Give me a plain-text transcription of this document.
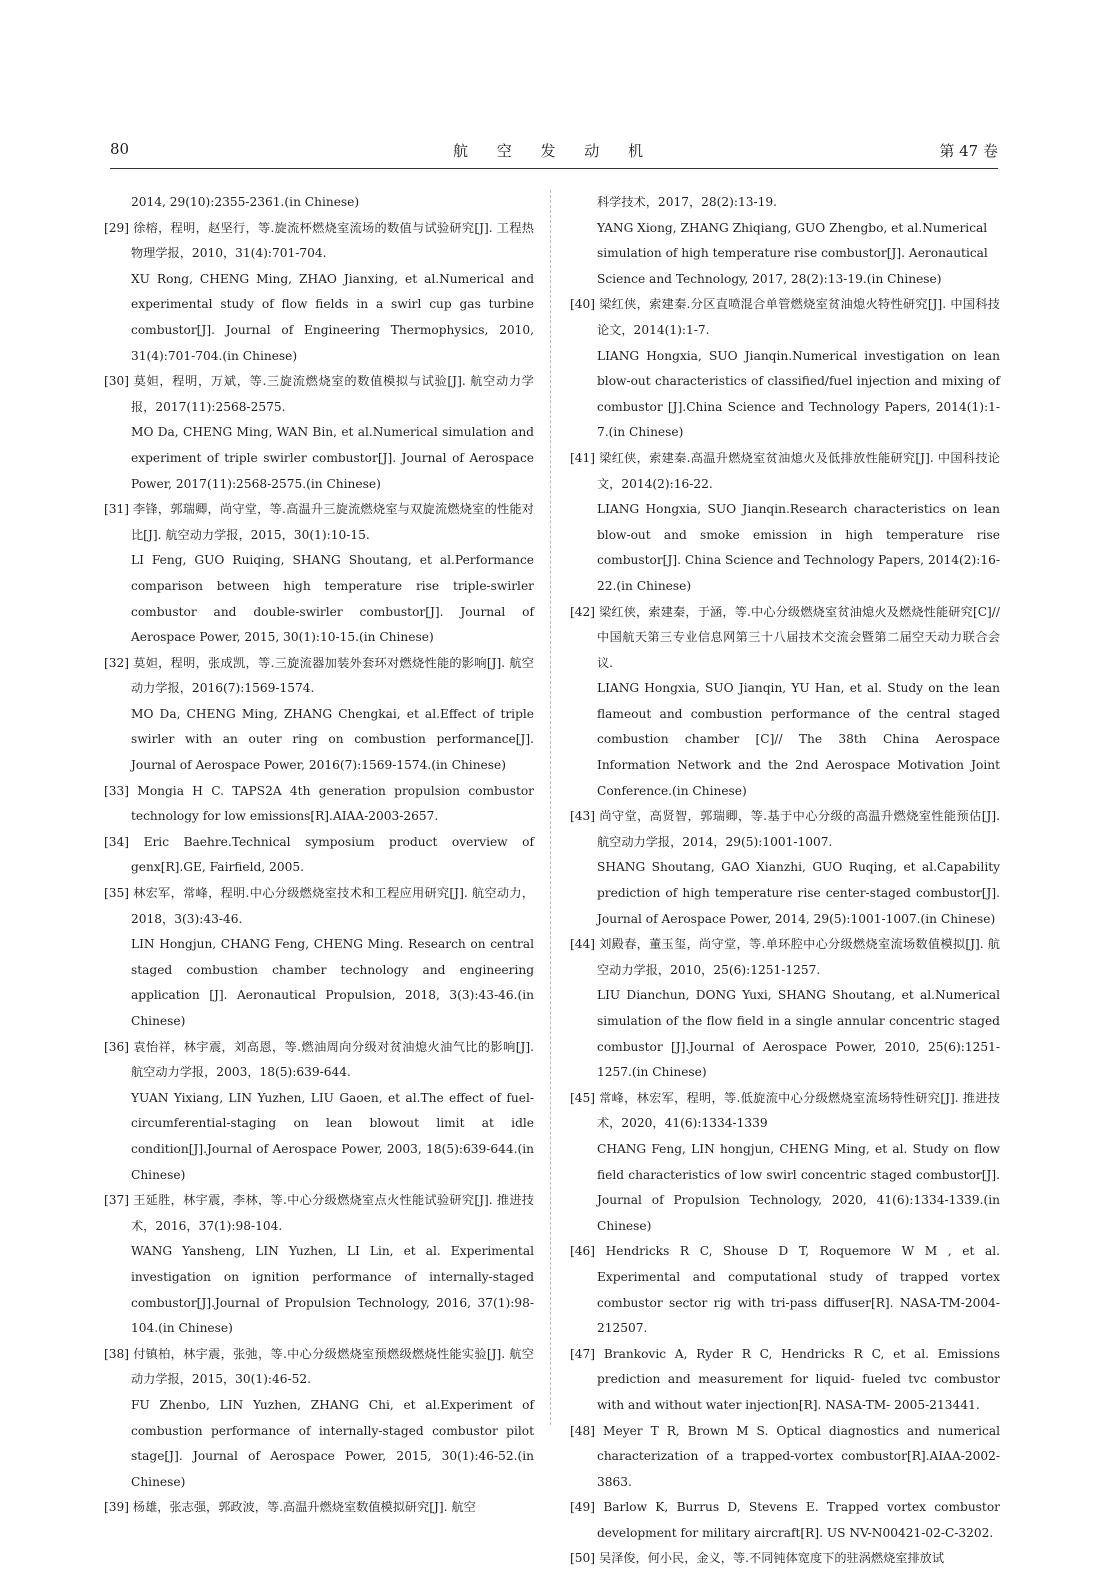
80	航 空 发 动 机	第 47 卷
2014, 29(10):2355-2361.(in Chinese)
[29] 徐榕，程明，赵坚行，等.旋流杯燃烧室流场的数值与试验研究[J]. 工程热物理学报，2010，31(4):701-704.
XU Rong, CHENG Ming, ZHAO Jianxing, et al.Numerical and experimental study of flow fields in a swirl cup gas turbine combustor[J]. Journal of Engineering Thermophysics, 2010, 31(4):701-704.(in Chinese)
[30] 莫妲，程明，万斌，等.三旋流燃烧室的数值模拟与试验[J]. 航空动力学报，2017(11):2568-2575.
MO Da, CHENG Ming, WAN Bin, et al.Numerical simulation and experiment of triple swirler combustor[J]. Journal of Aerospace Power, 2017(11):2568-2575.(in Chinese)
[31] 李锋，郭瑞卿，尚守堂，等.高温升三旋流燃烧室与双旋流燃烧室的性能对比[J]. 航空动力学报，2015，30(1):10-15.
LI Feng, GUO Ruiqing, SHANG Shoutang, et al.Performance comparison between high temperature rise triple-swirler combustor and double-swirler combustor[J]. Journal of Aerospace Power, 2015, 30(1):10-15.(in Chinese)
[32] 莫妲，程明，张成凯，等.三旋流器加装外套环对燃烧性能的影响[J]. 航空动力学报，2016(7):1569-1574.
MO Da, CHENG Ming, ZHANG Chengkai, et al.Effect of triple swirler with an outer ring on combustion performance[J]. Journal of Aerospace Power, 2016(7):1569-1574.(in Chinese)
[33] Mongia H C. TAPS2A 4th generation propulsion combustor technology for low emissions[R].AIAA-2003-2657.
[34] Eric Baehre.Technical symposium product overview of genx[R].GE, Fairfield, 2005.
[35] 林宏军，常峰，程明.中心分级燃烧室技术和工程应用研究[J]. 航空动力，2018，3(3):43-46.
LIN Hongjun, CHANG Feng, CHENG Ming. Research on central staged combustion chamber technology and engineering application [J]. Aeronautical Propulsion, 2018, 3(3):43-46.(in Chinese)
[36] 袁怡祥，林宇震，刘高恩，等.燃油周向分级对贫油熄火油气比的影响[J]. 航空动力学报，2003，18(5):639-644.
YUAN Yixiang, LIN Yuzhen, LIU Gaoen, et al.The effect of fuel-circumferential-staging on lean blowout limit at idle condition[J].Journal of Aerospace Power, 2003, 18(5):639-644.(in Chinese)
[37] 王延胜，林宇震，李林，等.中心分级燃烧室点火性能试验研究[J]. 推进技术，2016，37(1):98-104.
WANG Yansheng, LIN Yuzhen, LI Lin, et al. Experimental investigation on ignition performance of internally-staged combustor[J].Journal of Propulsion Technology, 2016, 37(1):98-104.(in Chinese)
[38] 付镇柏，林宇震，张弛，等.中心分级燃烧室预燃级燃烧性能实验[J]. 航空动力学报，2015，30(1):46-52.
FU Zhenbo, LIN Yuzhen, ZHANG Chi, et al.Experiment of combustion performance of internally-staged combustor pilot stage[J]. Journal of Aerospace Power, 2015, 30(1):46-52.(in Chinese)
[39] 杨雄，张志强，郭政波，等.高温升燃烧室数值模拟研究[J]. 航空
科学技术，2017，28(2):13-19.
YANG Xiong, ZHANG Zhiqiang, GUO Zhengbo, et al.Numerical simulation of high temperature rise combustor[J]. Aeronautical Science and Technology, 2017, 28(2):13-19.(in Chinese)
[40] 梁红侠，索建秦.分区直喷混合单管燃烧室贫油熄火特性研究[J]. 中国科技论文，2014(1):1-7.
LIANG Hongxia, SUO Jianqin.Numerical investigation on lean blow-out characteristics of classified/fuel injection and mixing of combustor [J].China Science and Technology Papers, 2014(1):1-7.(in Chinese)
[41] 梁红侠，索建秦.高温升燃烧室贫油熄火及低排放性能研究[J]. 中国科技论文，2014(2):16-22.
LIANG Hongxia, SUO Jianqin.Research characteristics on lean blow-out and smoke emission in high temperature rise combustor[J]. China Science and Technology Papers, 2014(2):16-22.(in Chinese)
[42] 梁红侠，索建秦，于涵，等.中心分级燃烧室贫油熄火及燃烧性能研究[C]//中国航天第三专业信息网第三十八届技术交流会暨第二届空天动力联合会议.
LIANG Hongxia, SUO Jianqin, YU Han, et al. Study on the lean flameout and combustion performance of the central staged combustion chamber [C]// The 38th China Aerospace Information Network and the 2nd Aerospace Motivation Joint Conference.(in Chinese)
[43] 尚守堂，高贤智，郭瑞卿，等.基于中心分级的高温升燃烧室性能预估[J]. 航空动力学报，2014，29(5):1001-1007.
SHANG Shoutang, GAO Xianzhi, GUO Ruqing, et al.Capability prediction of high temperature rise center-staged combustor[J]. Journal of Aerospace Power, 2014, 29(5):1001-1007.(in Chinese)
[44] 刘殿春，董玉玺，尚守堂，等.单环腔中心分级燃烧室流场数值模拟[J]. 航空动力学报，2010，25(6):1251-1257.
LIU Dianchun, DONG Yuxi, SHANG Shoutang, et al.Numerical simulation of the flow field in a single annular concentric staged combustor [J].Journal of Aerospace Power, 2010, 25(6):1251-1257.(in Chinese)
[45] 常峰，林宏军，程明，等.低旋流中心分级燃烧室流场特性研究[J]. 推进技术，2020，41(6):1334-1339
CHANG Feng, LIN hongjun, CHENG Ming, et al. Study on flow field characteristics of low swirl concentric staged combustor[J]. Journal of Propulsion Technology, 2020, 41(6):1334-1339.(in Chinese)
[46] Hendricks R C, Shouse D T, Roquemore W M , et al. Experimental and computational study of trapped vortex combustor sector rig with tri-pass diffuser[R]. NASA-TM-2004-212507.
[47] Brankovic A, Ryder R C, Hendricks R C, et al. Emissions prediction and measurement for liquid- fueled tvc combustor with and without water injection[R]. NASA-TM- 2005-213441.
[48] Meyer T R, Brown M S. Optical diagnostics and numerical characterization of a trapped-vortex combustor[R].AIAA-2002-3863.
[49] Barlow K, Burrus D, Stevens E. Trapped vortex combustor development for military aircraft[R]. US NV-N00421-02-C-3202.
[50] 吴泽俊，何小民，金义，等.不同钝体宽度下的驻涡燃烧室排放试
